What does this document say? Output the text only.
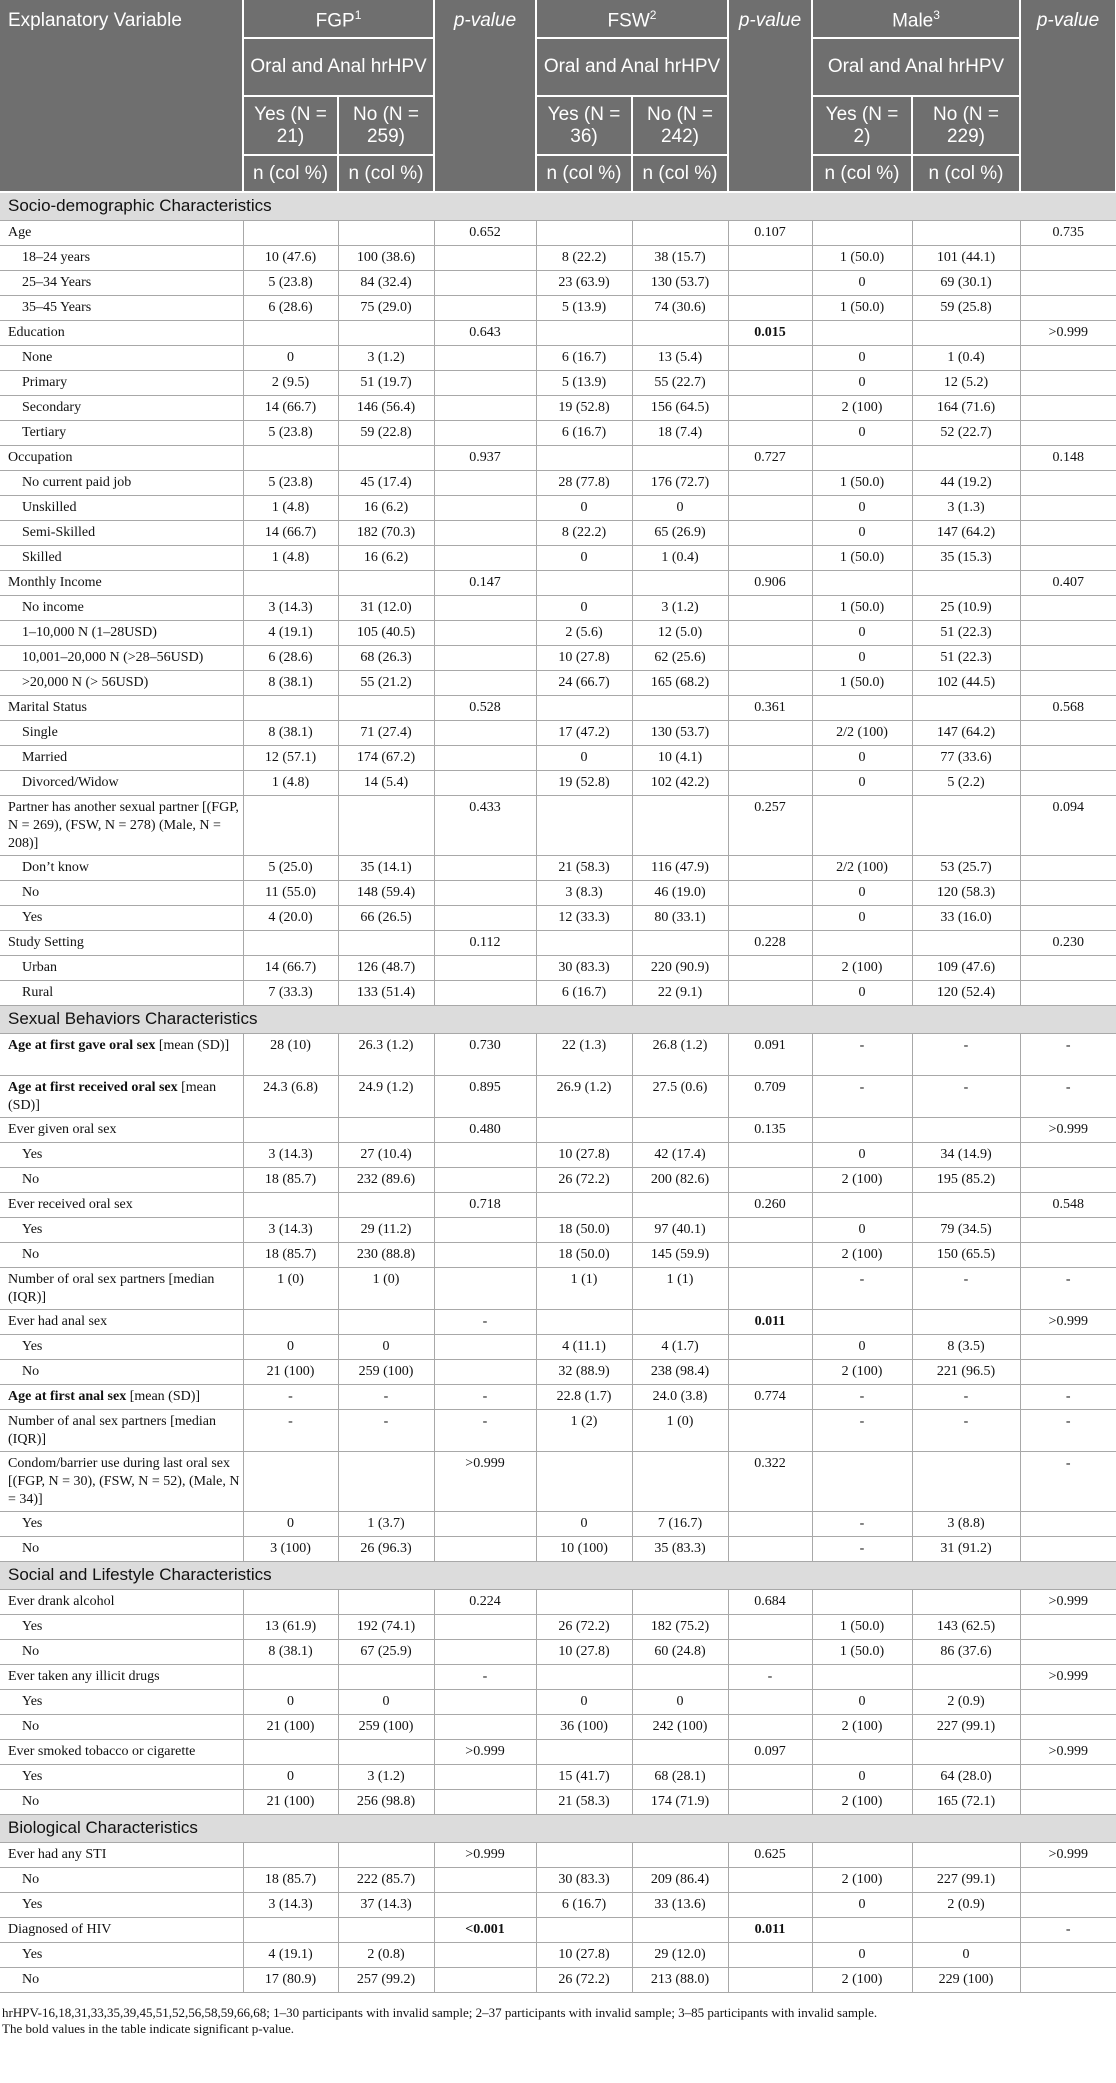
Explanatory Variable	FGP$^1$		p-value	FSW$^2$		p-value	Male$^3$		p-value
	Oral and Anal hrHPV			Oral and Anal hrHPV			Oral and Anal hrHPV		
	Yes (N = 21)	No (N = 259)		Yes (N = 36)	No (N = 242)		Yes (N = 2)	No (N = 229)	
	n (col %)	n (col %)		n (col %)	n (col %)		n (col %)	n (col %)	
Socio-demographic Characteristics									
Age			0.652			0.107			0.735
18–24 years	10 (47.6)	100 (38.6)		8 (22.2)	38 (15.7)		1 (50.0)	101 (44.1)	
25–34 Years	5 (23.8)	84 (32.4)		23 (63.9)	130 (53.7)		0	69 (30.1)	
35–45 Years	6 (28.6)	75 (29.0)		5 (13.9)	74 (30.6)		1 (50.0)	59 (25.8)	
Education			0.643			0.015			>0.999
None	0	3 (1.2)		6 (16.7)	13 (5.4)		0	1 (0.4)	
Primary	2 (9.5)	51 (19.7)		5 (13.9)	55 (22.7)		0	12 (5.2)	
Secondary	14 (66.7)	146 (56.4)		19 (52.8)	156 (64.5)		2 (100)	164 (71.6)	
Tertiary	5 (23.8)	59 (22.8)		6 (16.7)	18 (7.4)		0	52 (22.7)	
Occupation			0.937			0.727			0.148
No current paid job	5 (23.8)	45 (17.4)		28 (77.8)	176 (72.7)		1 (50.0)	44 (19.2)	
Unskilled	1 (4.8)	16 (6.2)		0	0		0	3 (1.3)	
Semi-Skilled	14 (66.7)	182 (70.3)		8 (22.2)	65 (26.9)		0	147 (64.2)	
Skilled	1 (4.8)	16 (6.2)		0	1 (0.4)		1 (50.0)	35 (15.3)	
Monthly Income			0.147			0.906			0.407
No income	3 (14.3)	31 (12.0)		0	3 (1.2)		1 (50.0)	25 (10.9)	
1–10,000 N (1–28USD)	4 (19.1)	105 (40.5)		2 (5.6)	12 (5.0)		0	51 (22.3)	
10,001–20,000 N (>28–56USD)	6 (28.6)	68 (26.3)		10 (27.8)	62 (25.6)		0	51 (22.3)	
>20,000 N (> 56USD)	8 (38.1)	55 (21.2)		24 (66.7)	165 (68.2)		1 (50.0)	102 (44.5)	
Marital Status			0.528			0.361			0.568
Single	8 (38.1)	71 (27.4)		17 (47.2)	130 (53.7)		2/2 (100)	147 (64.2)	
Married	12 (57.1)	174 (67.2)		0	10 (4.1)		0	77 (33.6)	
Divorced/Widow	1 (4.8)	14 (5.4)		19 (52.8)	102 (42.2)		0	5 (2.2)	
Partner has another sexual partner [(FGP, N = 269), (FSW, N = 278) (Male, N = 208)]			0.433			0.257			0.094
Don’t know	5 (25.0)	35 (14.1)		21 (58.3)	116 (47.9)		2/2 (100)	53 (25.7)	
No	11 (55.0)	148 (59.4)		3 (8.3)	46 (19.0)		0	120 (58.3)	
Yes	4 (20.0)	66 (26.5)		12 (33.3)	80 (33.1)		0	33 (16.0)	
Study Setting			0.112			0.228			0.230
Urban	14 (66.7)	126 (48.7)		30 (83.3)	220 (90.9)		2 (100)	109 (47.6)	
Rural	7 (33.3)	133 (51.4)		6 (16.7)	22 (9.1)		0	120 (52.4)	
Sexual Behaviors Characteristics									
Age at first gave oral sex [mean (SD)]	28 (10)	26.3 (1.2)	0.730	22 (1.3)	26.8 (1.2)	0.091	-	-	-
Age at first received oral sex [mean (SD)]	24.3 (6.8)	24.9 (1.2)	0.895	26.9 (1.2)	27.5 (0.6)	0.709	-	-	-
Ever given oral sex			0.480			0.135			>0.999
Yes	3 (14.3)	27 (10.4)		10 (27.8)	42 (17.4)		0	34 (14.9)	
No	18 (85.7)	232 (89.6)		26 (72.2)	200 (82.6)		2 (100)	195 (85.2)	
Ever received oral sex			0.718			0.260			0.548
Yes	3 (14.3)	29 (11.2)		18 (50.0)	97 (40.1)		0	79 (34.5)	
No	18 (85.7)	230 (88.8)		18 (50.0)	145 (59.9)		2 (100)	150 (65.5)	
Number of oral sex partners [median (IQR)]	1 (0)	1 (0)		1 (1)	1 (1)		-	-	-
Ever had anal sex			-			0.011			>0.999
Yes	0	0		4 (11.1)	4 (1.7)		0	8 (3.5)	
No	21 (100)	259 (100)		32 (88.9)	238 (98.4)		2 (100)	221 (96.5)	
Age at first anal sex [mean (SD)]	-	-	-	22.8 (1.7)	24.0 (3.8)	0.774	-	-	-
Number of anal sex partners [median (IQR)]	-	-	-	1 (2)	1 (0)		-	-	-
Condom/barrier use during last oral sex [(FGP, N = 30), (FSW, N = 52), (Male, N = 34)]			>0.999			0.322			-
Yes	0	1 (3.7)		0	7 (16.7)		-	3 (8.8)	
No	3 (100)	26 (96.3)		10 (100)	35 (83.3)		-	31 (91.2)	
Social and Lifestyle Characteristics									
Ever drank alcohol			0.224			0.684			>0.999
Yes	13 (61.9)	192 (74.1)		26 (72.2)	182 (75.2)		1 (50.0)	143 (62.5)	
No	8 (38.1)	67 (25.9)		10 (27.8)	60 (24.8)		1 (50.0)	86 (37.6)	
Ever taken any illicit drugs			-			-			>0.999
Yes	0	0		0	0		0	2 (0.9)	
No	21 (100)	259 (100)		36 (100)	242 (100)		2 (100)	227 (99.1)	
Ever smoked tobacco or cigarette			>0.999			0.097			>0.999
Yes	0	3 (1.2)		15 (41.7)	68 (28.1)		0	64 (28.0)	
No	21 (100)	256 (98.8)		21 (58.3)	174 (71.9)		2 (100)	165 (72.1)	
Biological Characteristics									
Ever had any STI			>0.999			0.625			>0.999
No	18 (85.7)	222 (85.7)		30 (83.3)	209 (86.4)		2 (100)	227 (99.1)	
Yes	3 (14.3)	37 (14.3)		6 (16.7)	33 (13.6)		0	2 (0.9)	
Diagnosed of HIV			<0.001			0.011			-
Yes	4 (19.1)	2 (0.8)		10 (27.8)	29 (12.0)		0	0	
No	17 (80.9)	257 (99.2)		26 (72.2)	213 (88.0)		2 (100)	229 (100)	
hrHPV-16,18,31,33,35,39,45,51,52,56,58,59,66,68; 1–30 participants with invalid sample; 2–37 participants with invalid sample; 3–85 participants with invalid sample.
The bold values in the table indicate significant p-value.
